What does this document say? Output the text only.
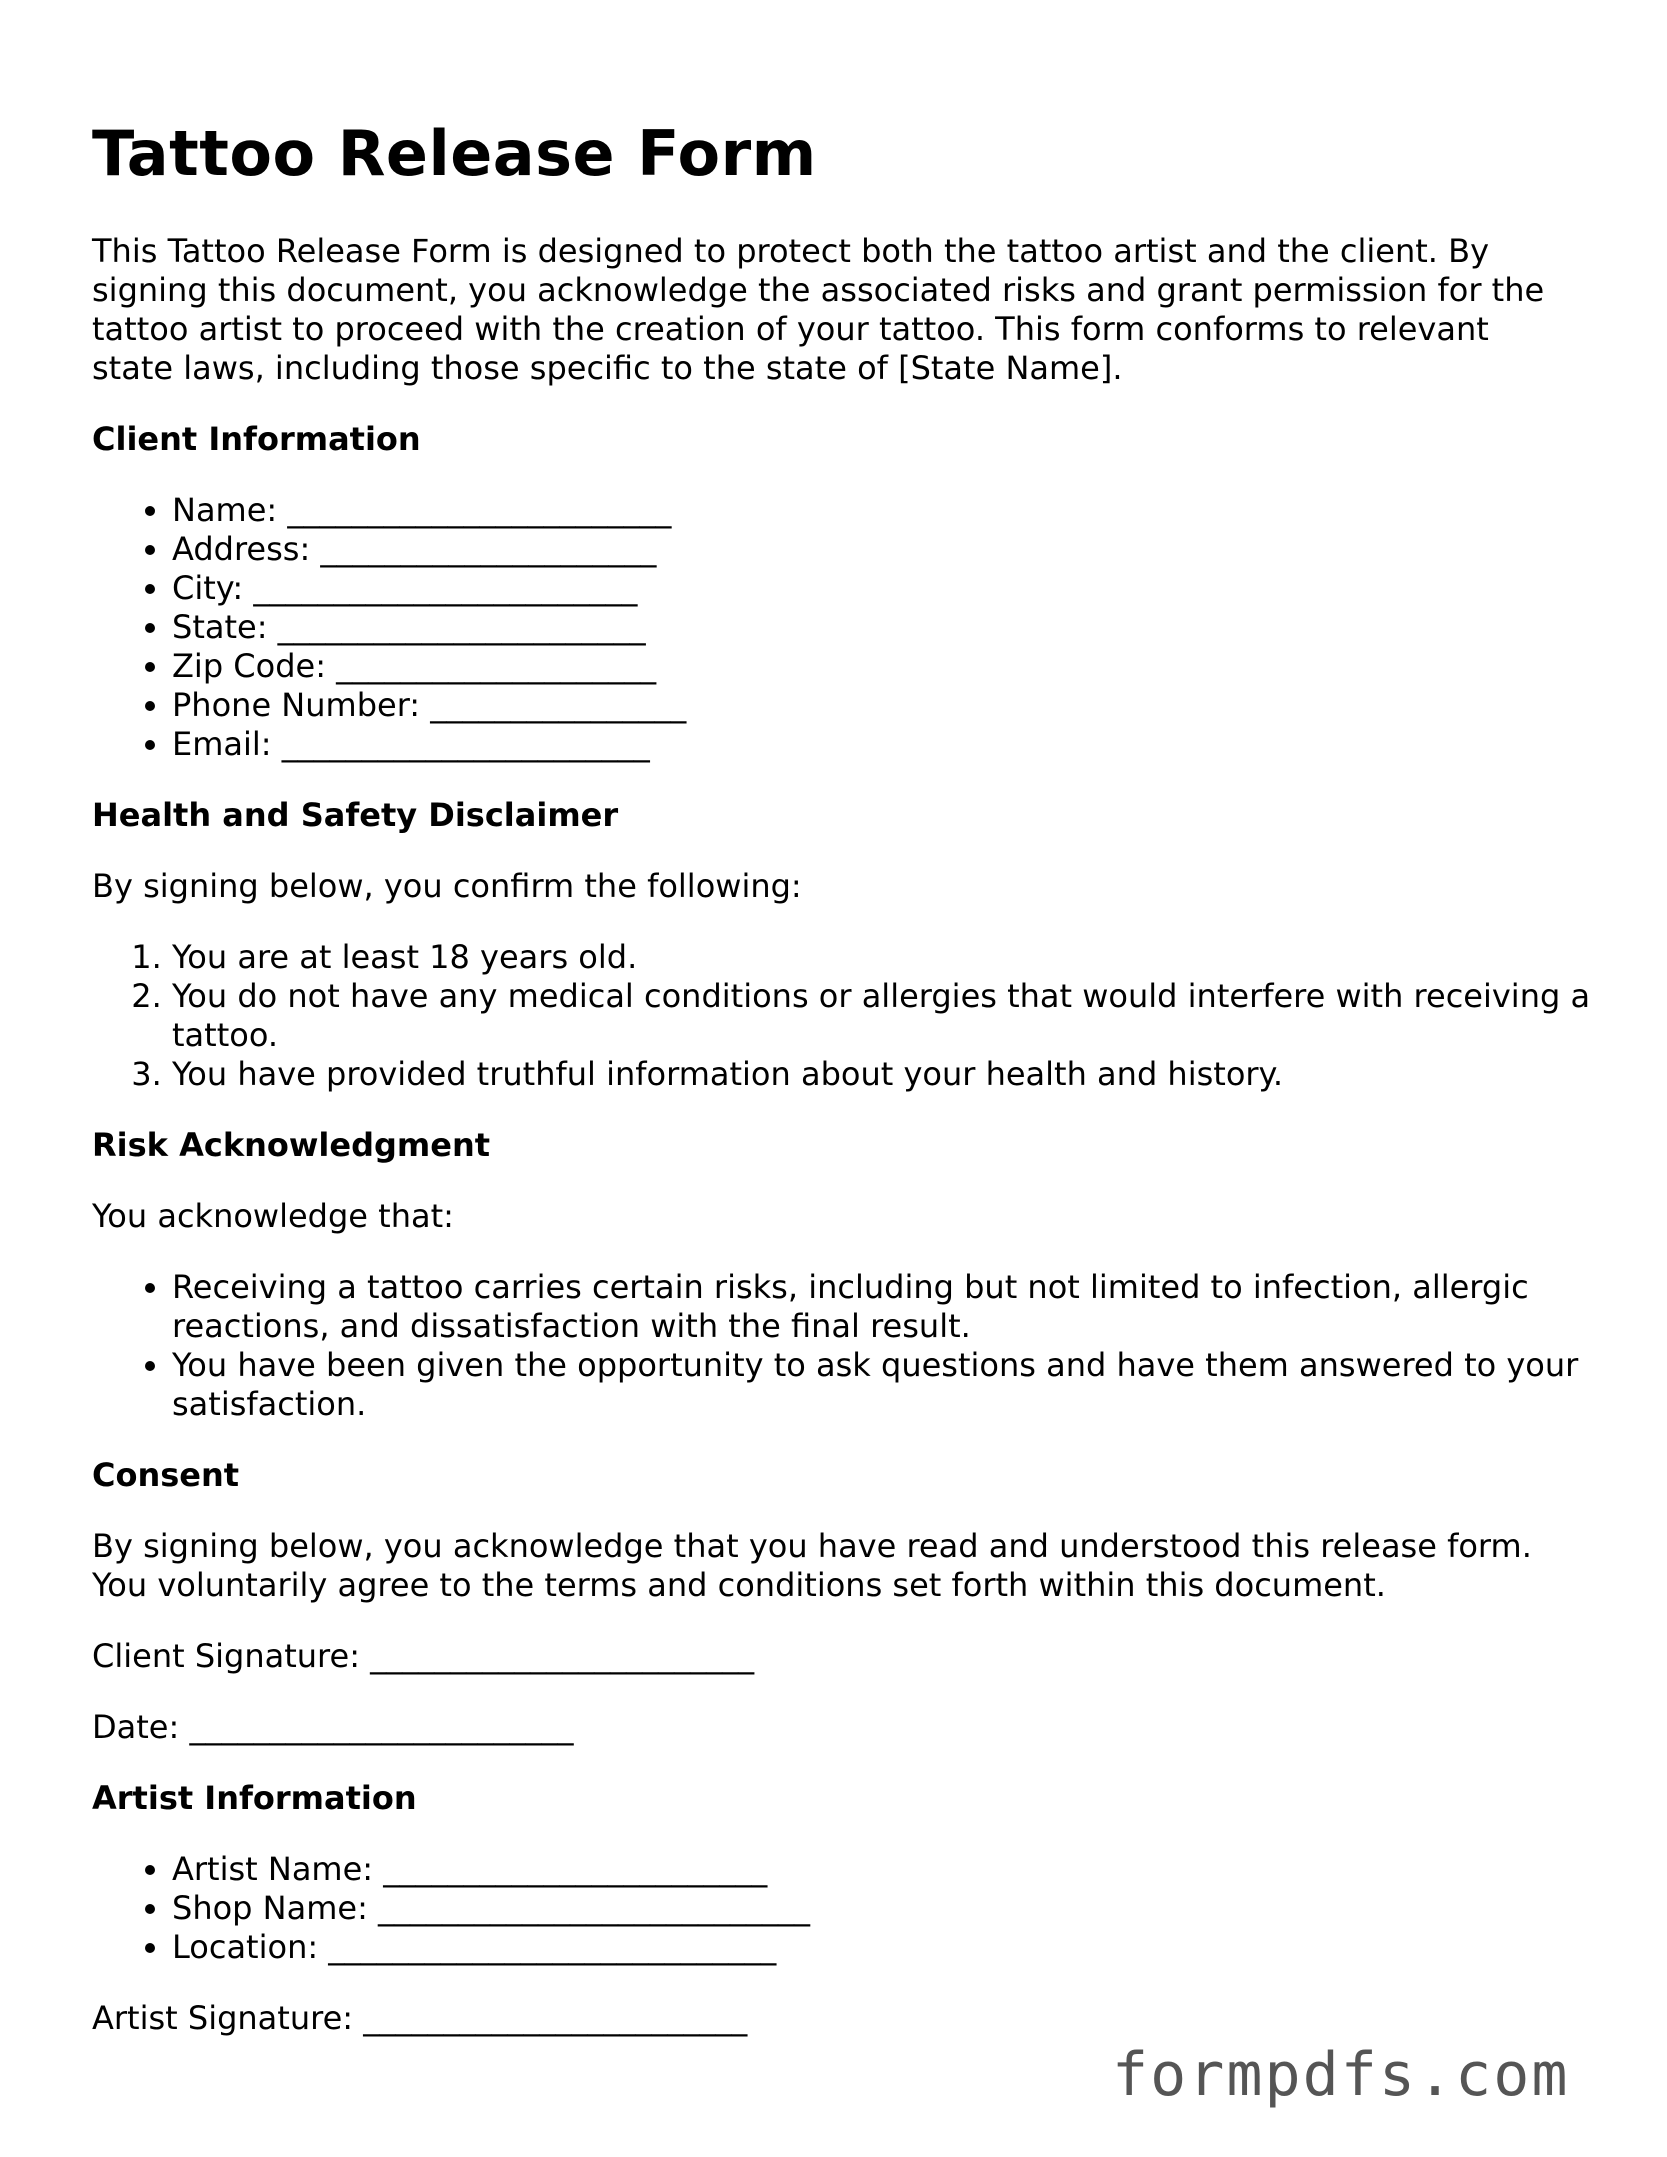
Tattoo Release Form

This Tattoo Release Form is designed to protect both the tattoo artist and the client. By signing this document, you acknowledge the associated risks and grant permission for the tattoo artist to proceed with the creation of your tattoo. This form conforms to relevant state laws, including those specific to the state of [State Name].

Client Information
• Name: ________________________
• Address: _____________________
• City: ________________________
• State: _______________________
• Zip Code: ____________________
• Phone Number: ________________
• Email: _______________________
Health and Safety Disclaimer

By signing below, you confirm the following:

1. You are at least 18 years old.
2. You do not have any medical conditions or allergies that would interfere with receiving a tattoo.
3. You have provided truthful information about your health and history.
Risk Acknowledgment

You acknowledge that:

• Receiving a tattoo carries certain risks, including but not limited to infection, allergic reactions, and dissatisfaction with the final result.
• You have been given the opportunity to ask questions and have them answered to your satisfaction.
Consent

By signing below, you acknowledge that you have read and understood this release form. You voluntarily agree to the terms and conditions set forth within this document.

Client Signature: ________________________

Date: ________________________

Artist Information
• Artist Name: ________________________
• Shop Name: ___________________________
• Location: ____________________________

Artist Signature: ________________________

formpdfs.com
